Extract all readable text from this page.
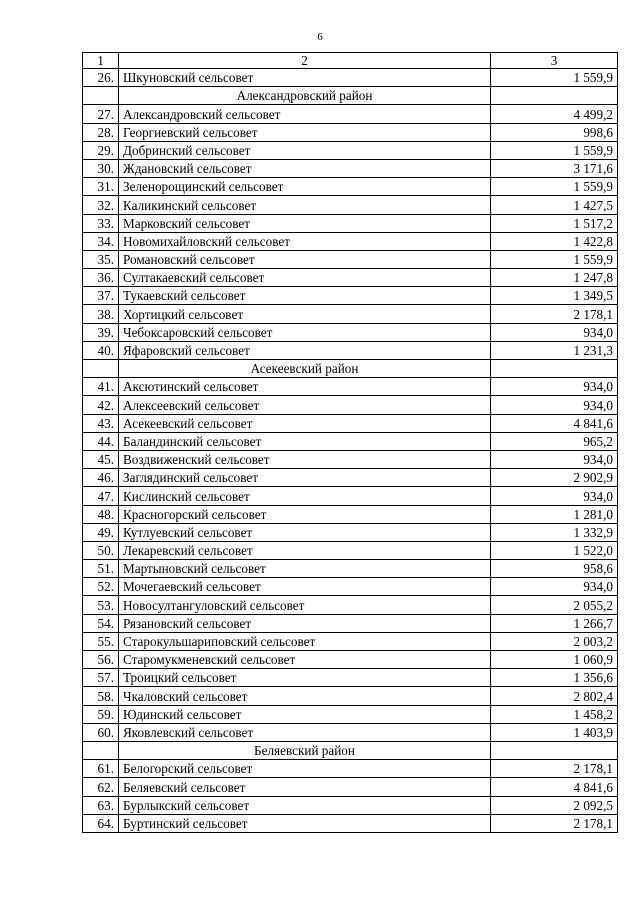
6
1	2	3
26.	Шкуновский сельсовет	1 559,9
	Александровский район	
27.	Александровский сельсовет	4 499,2
28.	Георгиевский сельсовет	998,6
29.	Добринский сельсовет	1 559,9
30.	Ждановский сельсовет	3 171,6
31.	Зеленорощинский сельсовет	1 559,9
32.	Каликинский сельсовет	1 427,5
33.	Марковский сельсовет	1 517,2
34.	Новомихайловский сельсовет	1 422,8
35.	Романовский сельсовет	1 559,9
36.	Султакаевский сельсовет	1 247,8
37.	Тукаевский сельсовет	1 349,5
38.	Хортицкий сельсовет	2 178,1
39.	Чебоксаровский сельсовет	934,0
40.	Яфаровский сельсовет	1 231,3
	Асекеевский район	
41.	Аксютинский сельсовет	934,0
42.	Алексеевский сельсовет	934,0
43.	Асекеевский сельсовет	4 841,6
44.	Баландинский сельсовет	965,2
45.	Воздвиженский сельсовет	934,0
46.	Заглядинский сельсовет	2 902,9
47.	Кислинский сельсовет	934,0
48.	Красногорский сельсовет	1 281,0
49.	Кутлуевский сельсовет	1 332,9
50.	Лекаревский сельсовет	1 522,0
51.	Мартыновский сельсовет	958,6
52.	Мочегаевский сельсовет	934,0
53.	Новосултангуловский сельсовет	2 055,2
54.	Рязановский сельсовет	1 266,7
55.	Старокульшариповский сельсовет	2 003,2
56.	Старомукменевский сельсовет	1 060,9
57.	Троицкий сельсовет	1 356,6
58.	Чкаловский сельсовет	2 802,4
59.	Юдинский сельсовет	1 458,2
60.	Яковлевский сельсовет	1 403,9
	Беляевский район	
61.	Белогорский сельсовет	2 178,1
62.	Беляевский сельсовет	4 841,6
63.	Бурлыкский сельсовет	2 092,5
64.	Буртинский сельсовет	2 178,1
